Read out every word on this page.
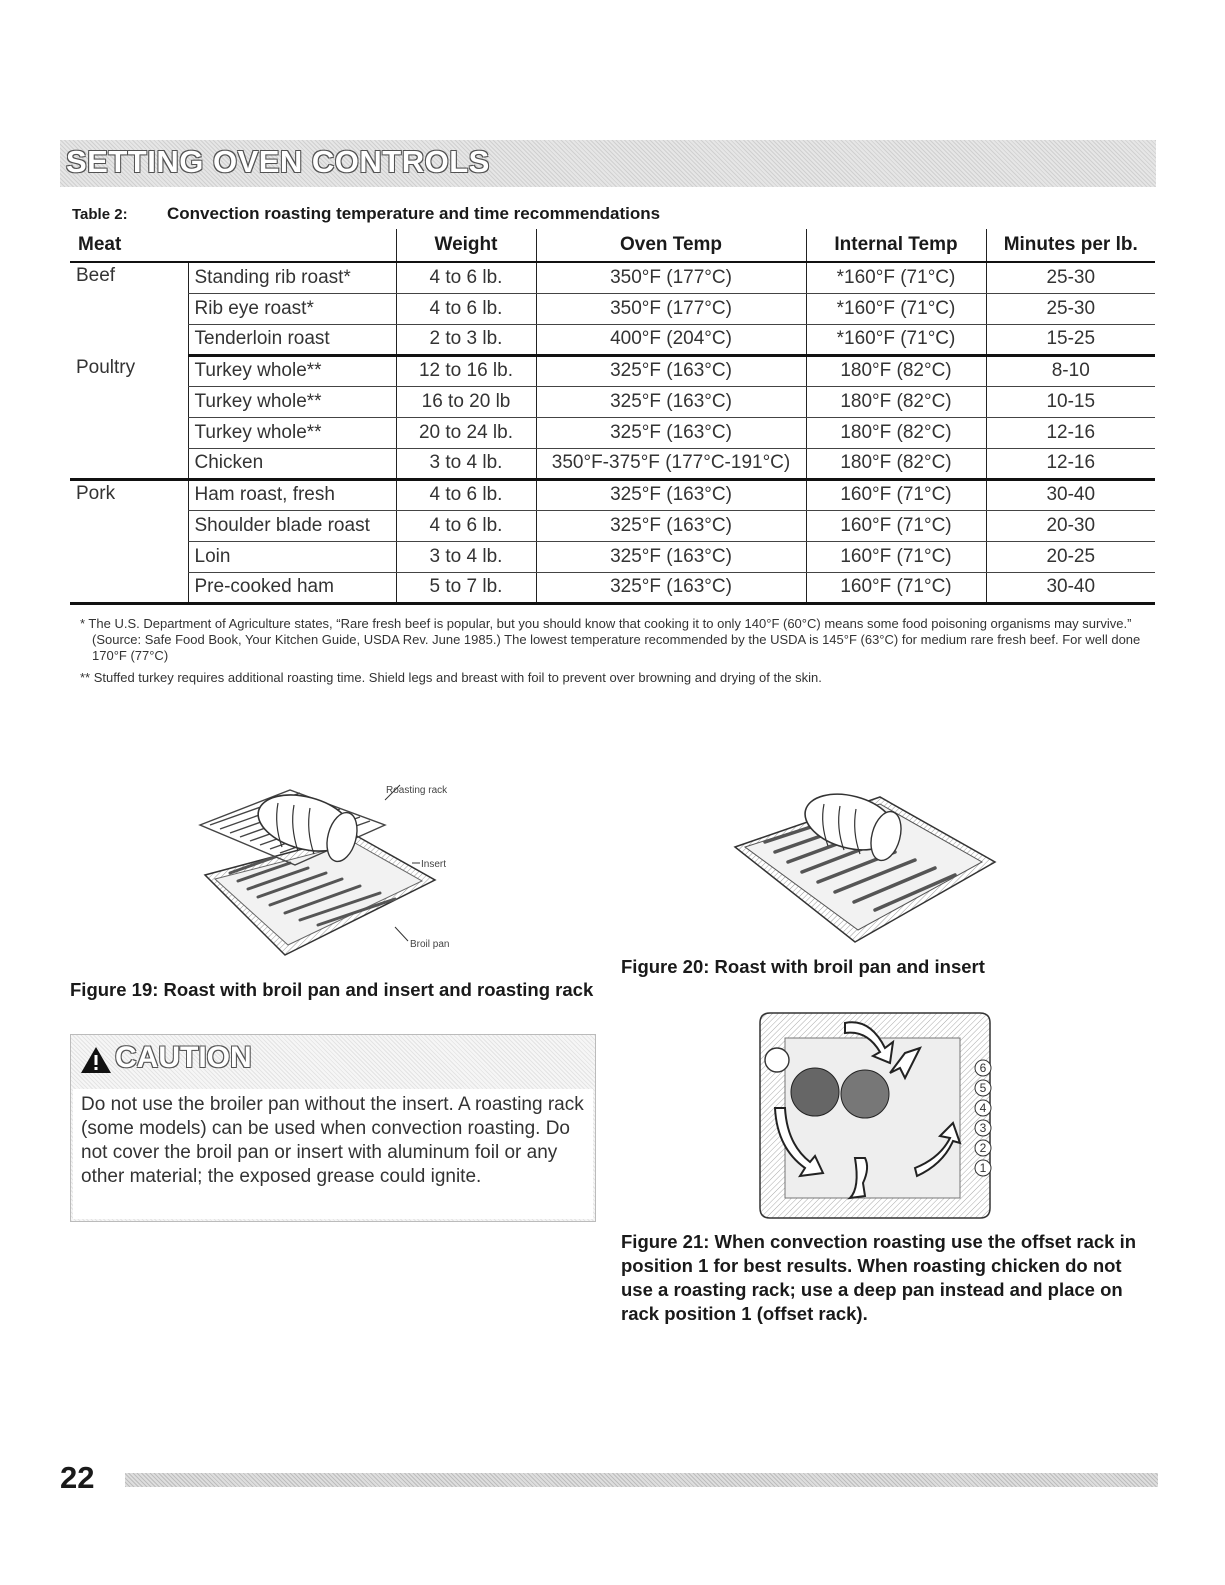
SETTING OVEN CONTROLS
Table 2: Convection roasting temperature and time recommendations
Meat		Weight	Oven Temp	Internal Temp	Minutes per lb.
Beef	Standing rib roast*	4 to 6 lb.	350°F (177°C)	*160°F (71°C)	25-30
	Rib eye roast*	4 to 6 lb.	350°F (177°C)	*160°F (71°C)	25-30
	Tenderloin roast	2 to 3 lb.	400°F (204°C)	*160°F (71°C)	15-25
Poultry	Turkey whole**	12 to 16 lb.	325°F (163°C)	180°F (82°C)	8-10
	Turkey whole**	16 to 20 lb	325°F (163°C)	180°F (82°C)	10-15
	Turkey whole**	20 to 24 lb.	325°F (163°C)	180°F (82°C)	12-16
	Chicken	3 to 4 lb.	350°F-375°F (177°C-191°C)	180°F (82°C)	12-16
Pork	Ham roast, fresh	4 to 6 lb.	325°F (163°C)	160°F (71°C)	30-40
	Shoulder blade roast	4 to 6 lb.	325°F (163°C)	160°F (71°C)	20-30
	Loin	3 to 4 lb.	325°F (163°C)	160°F (71°C)	20-25
	Pre-cooked ham	5 to 7 lb.	325°F (163°C)	160°F (71°C)	30-40

* The U.S. Department of Agriculture states, “Rare fresh beef is popular, but you should know that cooking it to only 140°F (60°C) means some food poisoning organisms may survive.” (Source: Safe Food Book, Your Kitchen Guide, USDA Rev. June 1985.) The lowest temperature recommended by the USDA is 145°F (63°C) for medium rare fresh beef. For well done 170°F (77°C)

** Stuffed turkey requires additional roasting time. Shield legs and breast with foil to prevent over browning and drying of the skin.

Roasting rack
Insert
Broil pan
Figure 19: Roast with broil pan and insert and roasting rack
Figure 20: Roast with broil pan and insert
CAUTION
Do not use the broiler pan without the insert. A roasting rack (some models) can be used when convection roasting. Do not cover the broil pan or insert with aluminum foil or any other material; the exposed grease could ignite.
6
5
4
3
2
1
Figure 21: When convection roasting use the offset rack in position 1 for best results. When roasting chicken do not use a roasting rack; use a deep pan instead and place on rack position 1 (offset rack).
22
